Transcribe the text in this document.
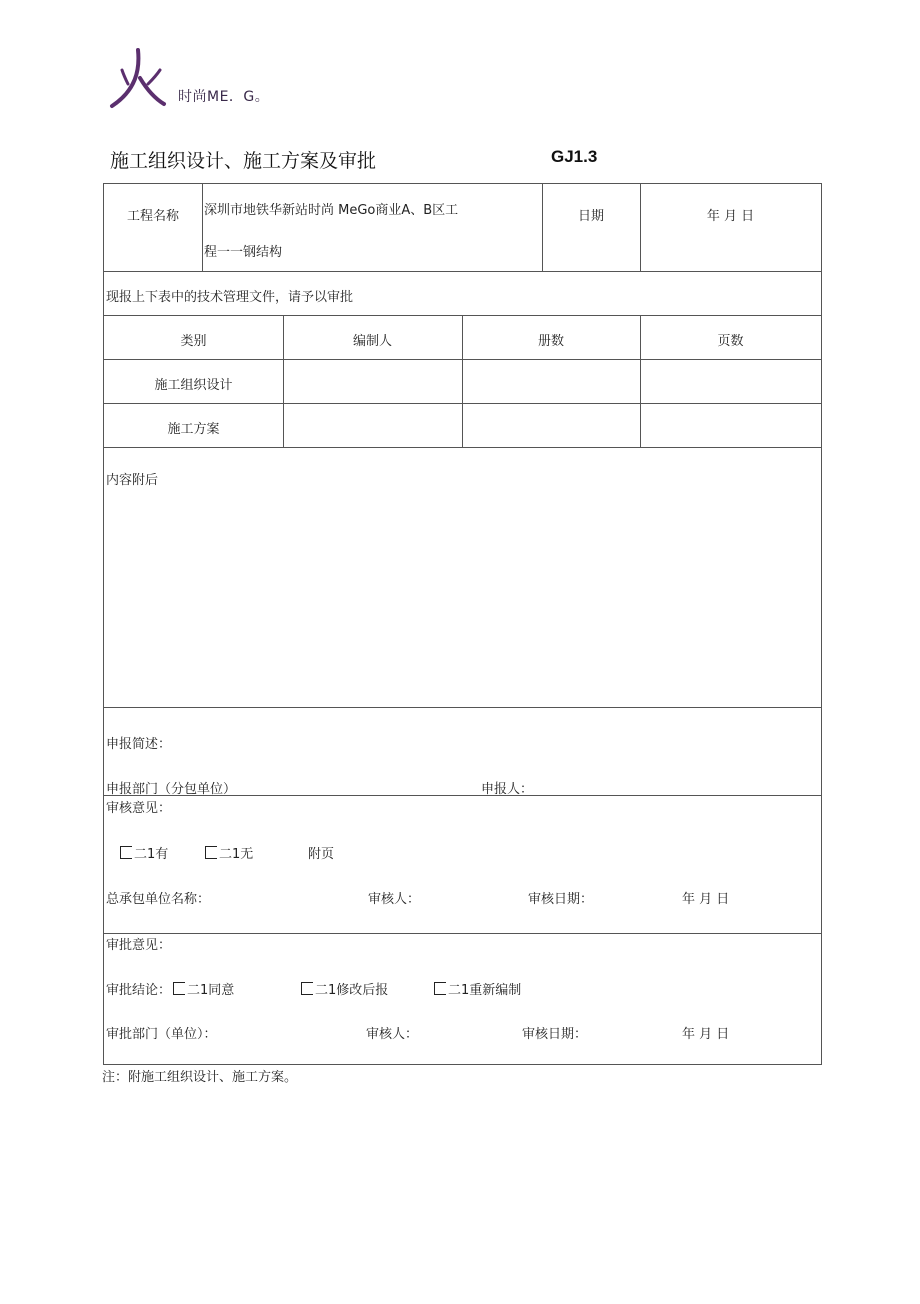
时尚ME．G。
施工组织设计、施工方案及审批	GJ1.3
工程名称	深圳市地铁华新站时尚 MeGo商业A、B区工
程一一钢结构
日期	年 月 日
现报上下表中的技术管理文件，请予以审批
类别	编制人	册数	页数
施工组织设计
施工方案
内容附后
申报简述：
申报部门（分包单位）	申报人：
审核意见：
二1有	二1无	附页
总承包单位名称：	审核人：	审核日期：	年 月 日
审批意见：
审批结论：	二1同意	二1修改后报	二1重新编制
审批部门（单位）：	审核人：	审核日期：	年 月 日
注：附施工组织设计、施工方案。
